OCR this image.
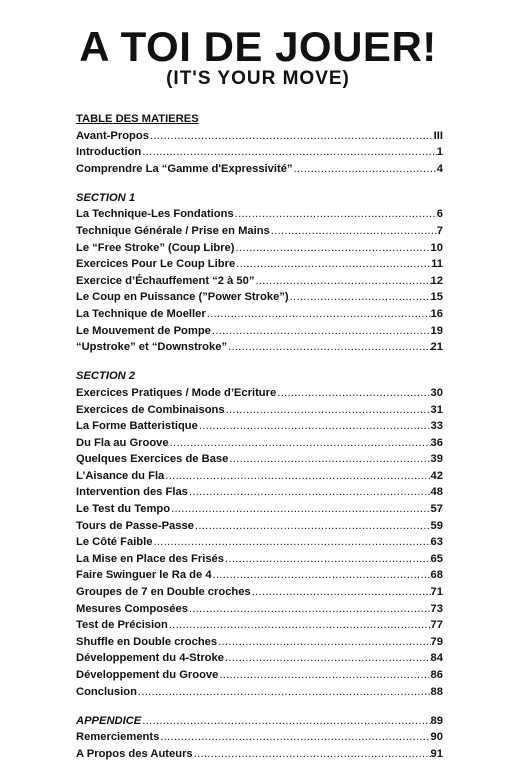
A TOI DE JOUER!
(IT'S YOUR MOVE)
TABLE DES MATIERES
Avant-Propos .....	III
Introduction .....	1
Comprendre La “Gamme d'Expressivité” .....	4
SECTION 1
La Technique-Les Fondations .....	6
Technique Générale / Prise en Mains .....	7
Le “Free Stroke” (Coup Libre) .....	10
Exercices Pour Le Coup Libre .....	11
Exercice d’Échauffement “2 à 50” .....	12
Le Coup en Puissance (”Power Stroke”) .....	15
La Technique de Moeller .....	16
Le Mouvement de Pompe .....	19
“Upstroke” et “Downstroke” .....	21
SECTION 2
Exercices Pratiques / Mode d’Ecriture .....	30
Exercices de Combinaisons .....	31
La Forme Batteristique .....	33
Du Fla au Groove .....	36
Quelques Exercices de Base .....	39
L’Aisance du Fla .....	42
Intervention des Flas .....	48
Le Test du Tempo .....	57
Tours de Passe-Passe .....	59
Le Côté Faible .....	63
La Mise en Place des Frisés .....	65
Faire Swinguer le Ra de 4 .....	68
Groupes de 7 en Double croches .....	71
Mesures Composées .....	73
Test de Précision .....	77
Shuffle en Double croches .....	79
Développement du 4-Stroke .....	84
Développement du Groove .....	86
Conclusion .....	88
APPENDICE .....	89
Remerciements .....	90
A Propos des Auteurs .....	91
